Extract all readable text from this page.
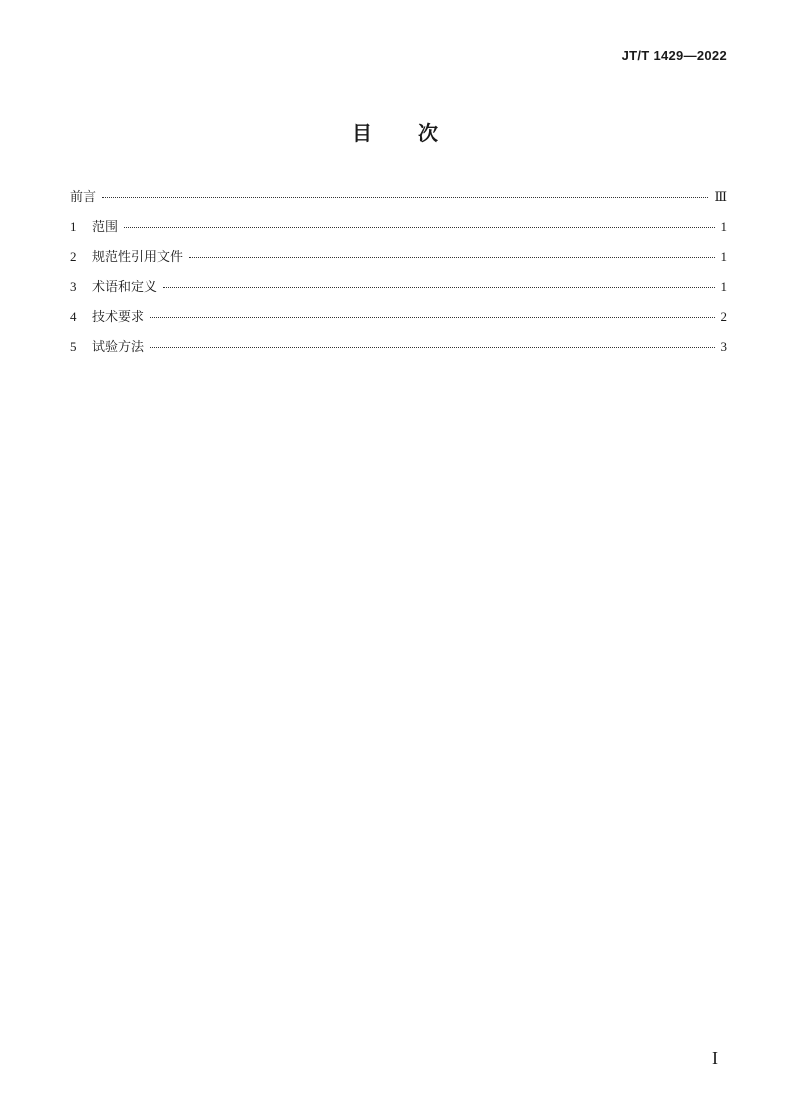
JT/T 1429—2022
目 次
前言	Ⅲ
1	范围	1
2	规范性引用文件	1
3	术语和定义	1
4	技术要求	2
5	试验方法	3
I
